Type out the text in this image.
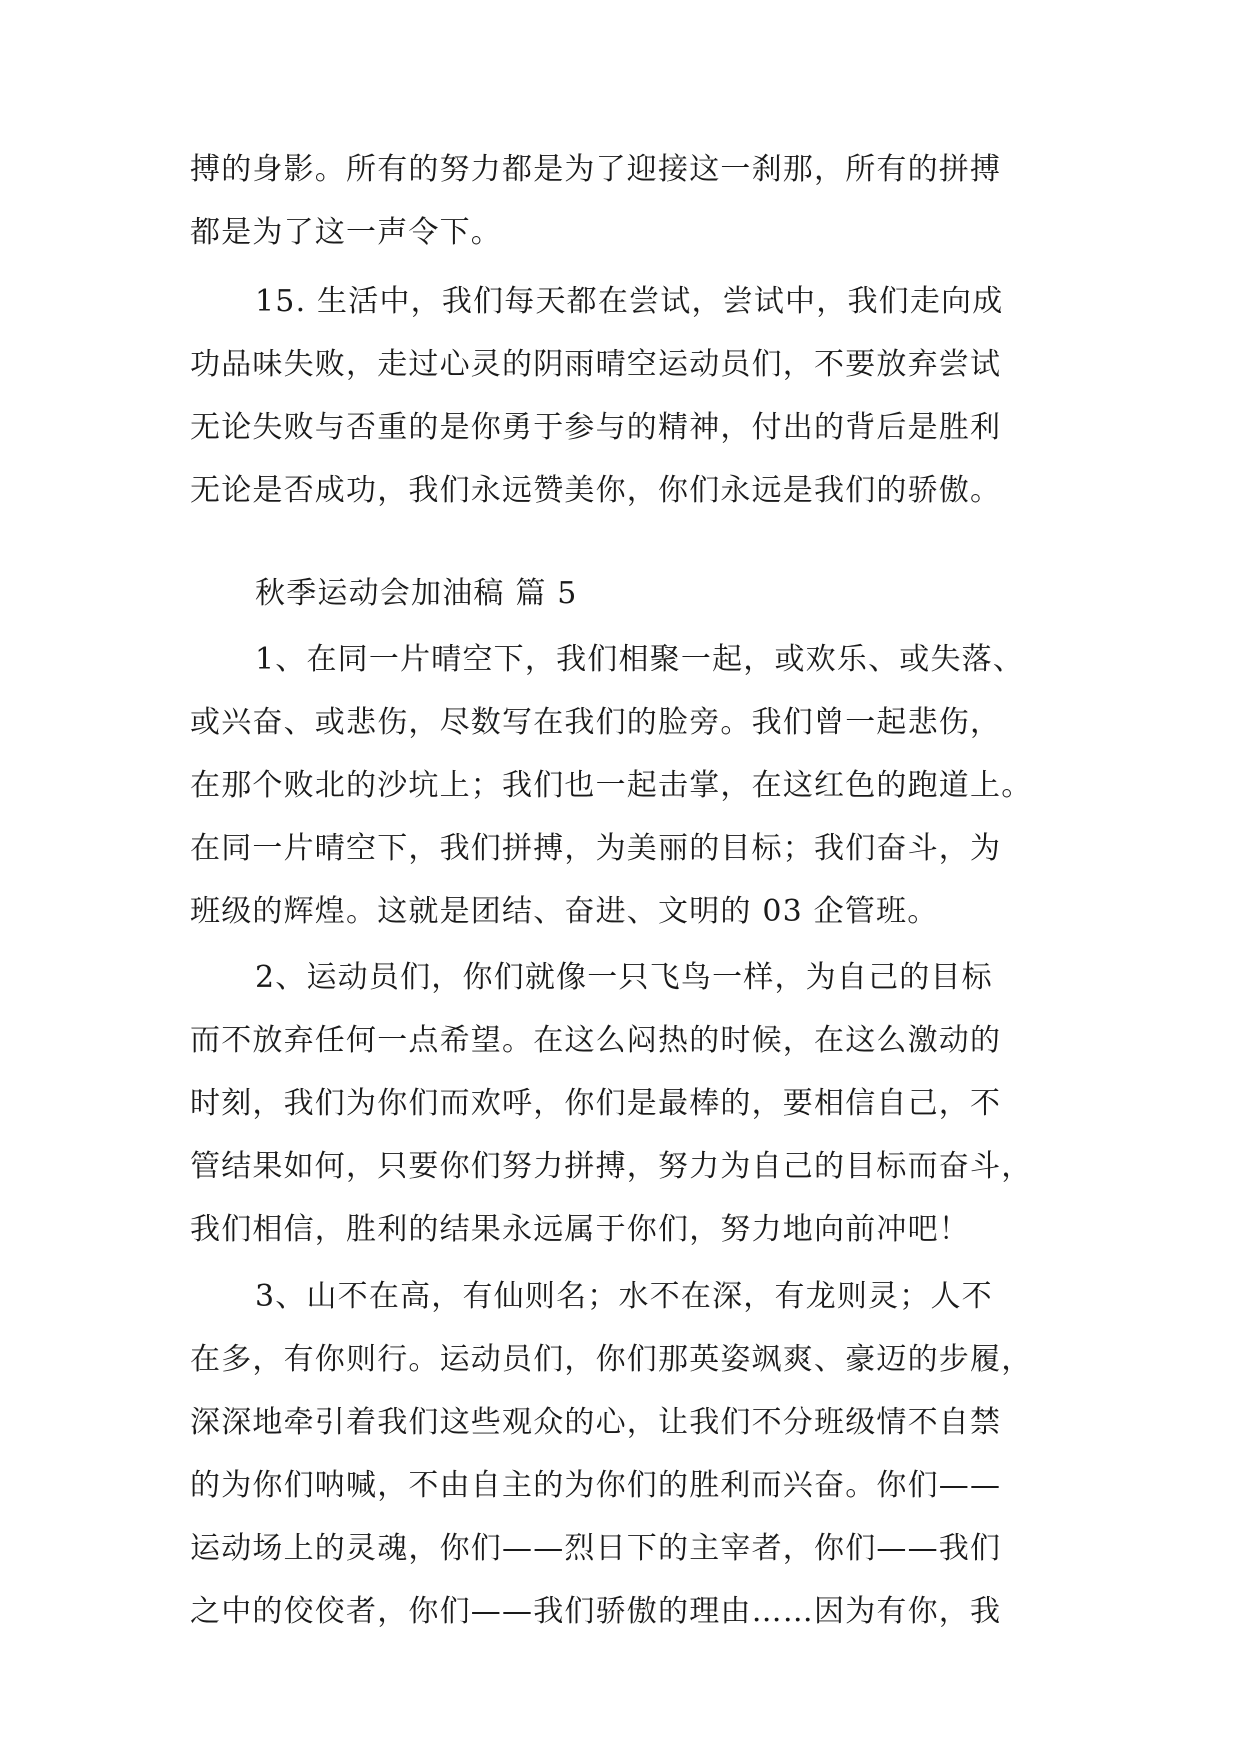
搏的身影。所有的努力都是为了迎接这一刹那，所有的拼搏
都是为了这一声令下。
15. 生活中，我们每天都在尝试，尝试中，我们走向成
功品味失败，走过心灵的阴雨晴空运动员们，不要放弃尝试
无论失败与否重的是你勇于参与的精神，付出的背后是胜利
无论是否成功，我们永远赞美你，你们永远是我们的骄傲。
秋季运动会加油稿 篇 5
1、在同一片晴空下，我们相聚一起，或欢乐、或失落、
或兴奋、或悲伤，尽数写在我们的脸旁。我们曾一起悲伤，
在那个败北的沙坑上；我们也一起击掌，在这红色的跑道上。
在同一片晴空下，我们拼搏，为美丽的目标；我们奋斗，为
班级的辉煌。这就是团结、奋进、文明的 03 企管班。
2、运动员们，你们就像一只飞鸟一样，为自己的目标
而不放弃任何一点希望。在这么闷热的时候，在这么激动的
时刻，我们为你们而欢呼，你们是最棒的，要相信自己，不
管结果如何，只要你们努力拼搏，努力为自己的目标而奋斗，
我们相信，胜利的结果永远属于你们，努力地向前冲吧！
3、山不在高，有仙则名；水不在深，有龙则灵；人不
在多，有你则行。运动员们，你们那英姿飒爽、豪迈的步履，
深深地牵引着我们这些观众的心，让我们不分班级情不自禁
的为你们呐喊，不由自主的为你们的胜利而兴奋。你们——
运动场上的灵魂，你们——烈日下的主宰者，你们——我们
之中的佼佼者，你们——我们骄傲的理由……因为有你，我
